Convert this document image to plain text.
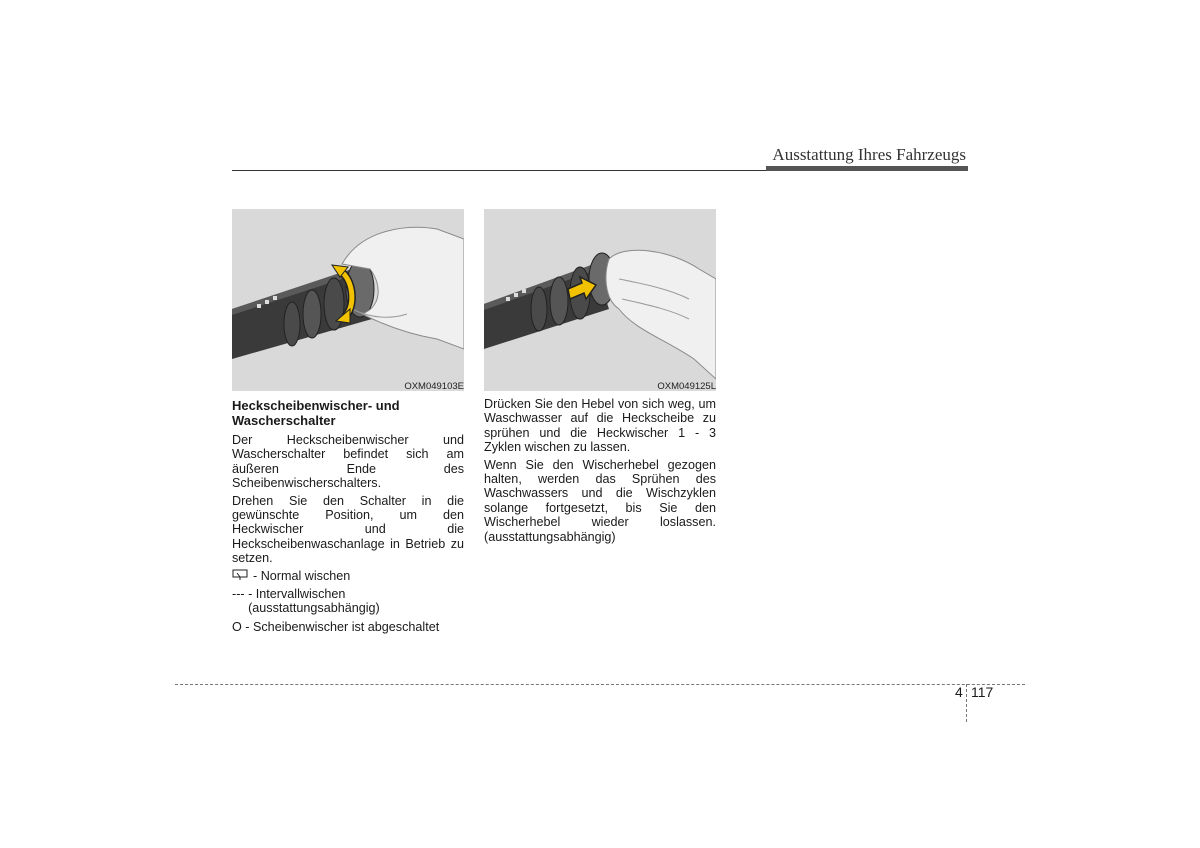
Ausstattung Ihres Fahrzeugs
OXM049103E	OXM049125L
Heckscheibenwischer- und Wascherschalter

Der Heckscheibenwischer und Wascherschalter befindet sich am äußeren Ende des Scheibenwischerschalters.

Drehen Sie den Schalter in die gewünschte Position, um den Heckwischer und die Heckscheibenwaschanlage in Betrieb zu setzen.

- Normal wischen
--- - Intervallwischen (ausstattungsabhängig)
O - Scheibenwischer ist abgeschaltet

Drücken Sie den Hebel von sich weg, um Waschwasser auf die Heckscheibe zu sprühen und die Heckwischer 1 - 3 Zyklen wischen zu lassen.

Wenn Sie den Wischerhebel gezogen halten, werden das Sprühen des Waschwassers und die Wischzyklen solange fortgesetzt, bis Sie den Wischerhebel wieder loslassen. (ausstattungsabhängig)

4 117
